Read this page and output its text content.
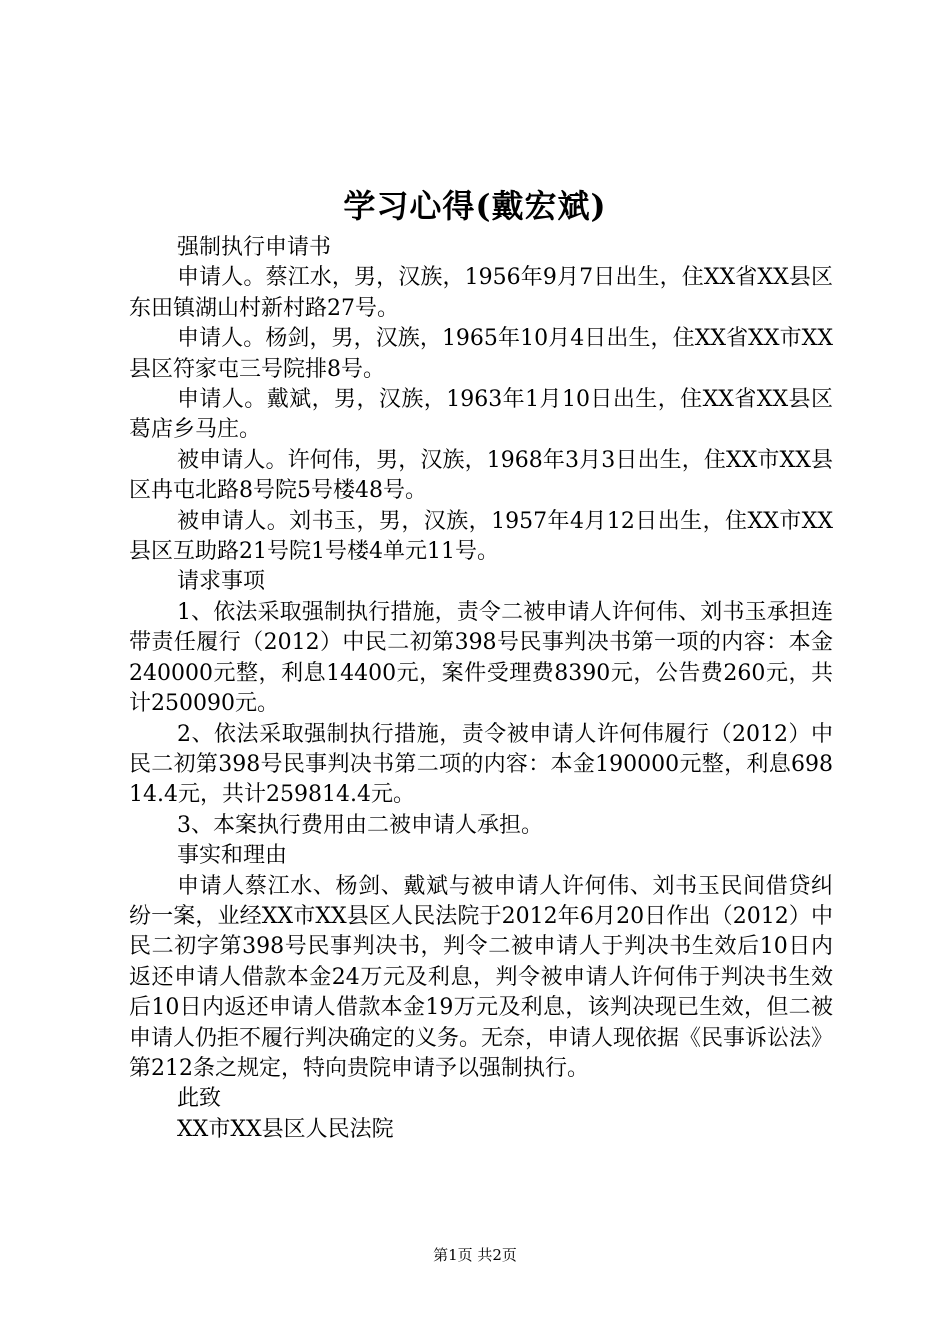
学习心得(戴宏斌)

强制执行申请书

申请人。蔡江水，男，汉族，1956年9月7日出生，住XX省XX县区东田镇湖山村新村路27号。

申请人。杨剑，男，汉族，1965年10月4日出生，住XX省XX市XX县区符家屯三号院排8号。

申请人。戴斌，男，汉族，1963年1月10日出生，住XX省XX县区葛店乡马庄。

被申请人。许何伟，男，汉族，1968年3月3日出生，住XX市XX县区冉屯北路8号院5号楼48号。

被申请人。刘书玉，男，汉族，1957年4月12日出生，住XX市XX县区互助路21号院1号楼4单元11号。

请求事项

1、依法采取强制执行措施，责令二被申请人许何伟、刘书玉承担连带责任履行（2012）中民二初第398号民事判决书第一项的内容：本金240000元整，利息14400元，案件受理费8390元，公告费260元，共计250090元。

2、依法采取强制执行措施，责令被申请人许何伟履行（2012）中民二初第398号民事判决书第二项的内容：本金190000元整，利息69814.4元，共计259814.4元。

3、本案执行费用由二被申请人承担。

事实和理由

申请人蔡江水、杨剑、戴斌与被申请人许何伟、刘书玉民间借贷纠纷一案，业经XX市XX县区人民法院于2012年6月20日作出（2012）中民二初字第398号民事判决书，判令二被申请人于判决书生效后10日内返还申请人借款本金24万元及利息，判令被申请人许何伟于判决书生效后10日内返还申请人借款本金19万元及利息，该判决现已生效，但二被申请人仍拒不履行判决确定的义务。无奈，申请人现依据《民事诉讼法》第212条之规定，特向贵院申请予以强制执行。

此致

XX市XX县区人民法院

第1页 共2页
